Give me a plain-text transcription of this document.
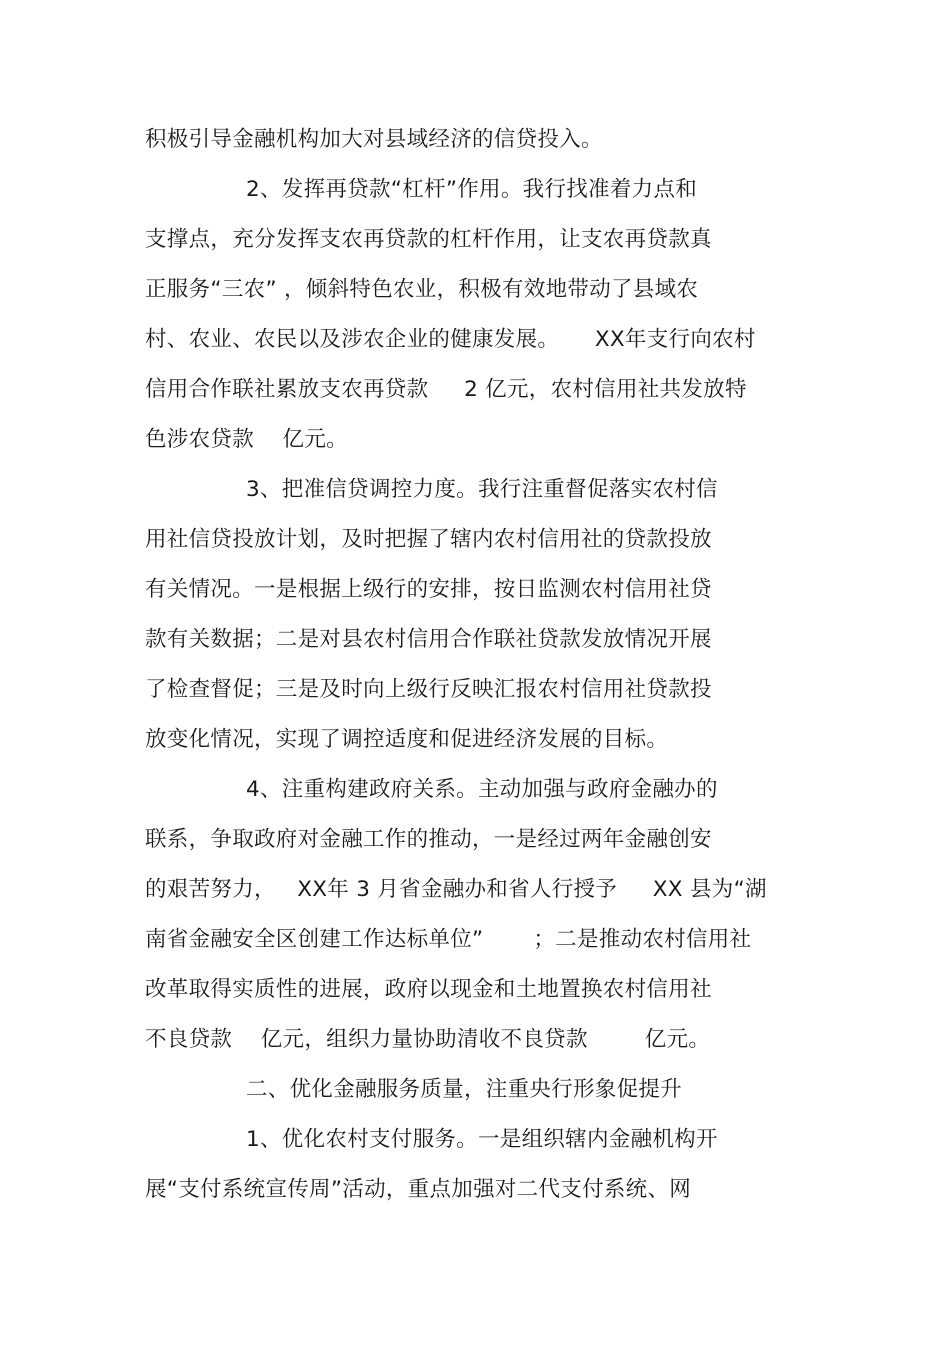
积极引导金融机构加大对县域经济的信贷投入。
2、发挥再贷款“杠杆”作用。我行找准着力点和
支撑点，充分发挥支农再贷款的杠杆作用，让支农再贷款真
正服务“三农” ，倾斜特色农业，积极有效地带动了县域农
村、农业、农民以及涉农企业的健康发展。     XX年支行向农村
信用合作联社累放支农再贷款     2 亿元，农村信用社共发放特
色涉农贷款    亿元。
3、把准信贷调控力度。我行注重督促落实农村信
用社信贷投放计划，及时把握了辖内农村信用社的贷款投放
有关情况。一是根据上级行的安排，按日监测农村信用社贷
款有关数据；二是对县农村信用合作联社贷款发放情况开展
了检查督促；三是及时向上级行反映汇报农村信用社贷款投
放变化情况，实现了调控适度和促进经济发展的目标。
4、注重构建政府关系。主动加强与政府金融办的
联系，争取政府对金融工作的推动，一是经过两年金融创安
的艰苦努力，   XX年 3 月省金融办和省人行授予     XX 县为“湖
南省金融安全区创建工作达标单位”       ；二是推动农村信用社
改革取得实质性的进展，政府以现金和土地置换农村信用社
不良贷款    亿元，组织力量协助清收不良贷款        亿元。
二、优化金融服务质量，注重央行形象促提升
1、优化农村支付服务。一是组织辖内金融机构开
展“支付系统宣传周”活动，重点加强对二代支付系统、网
